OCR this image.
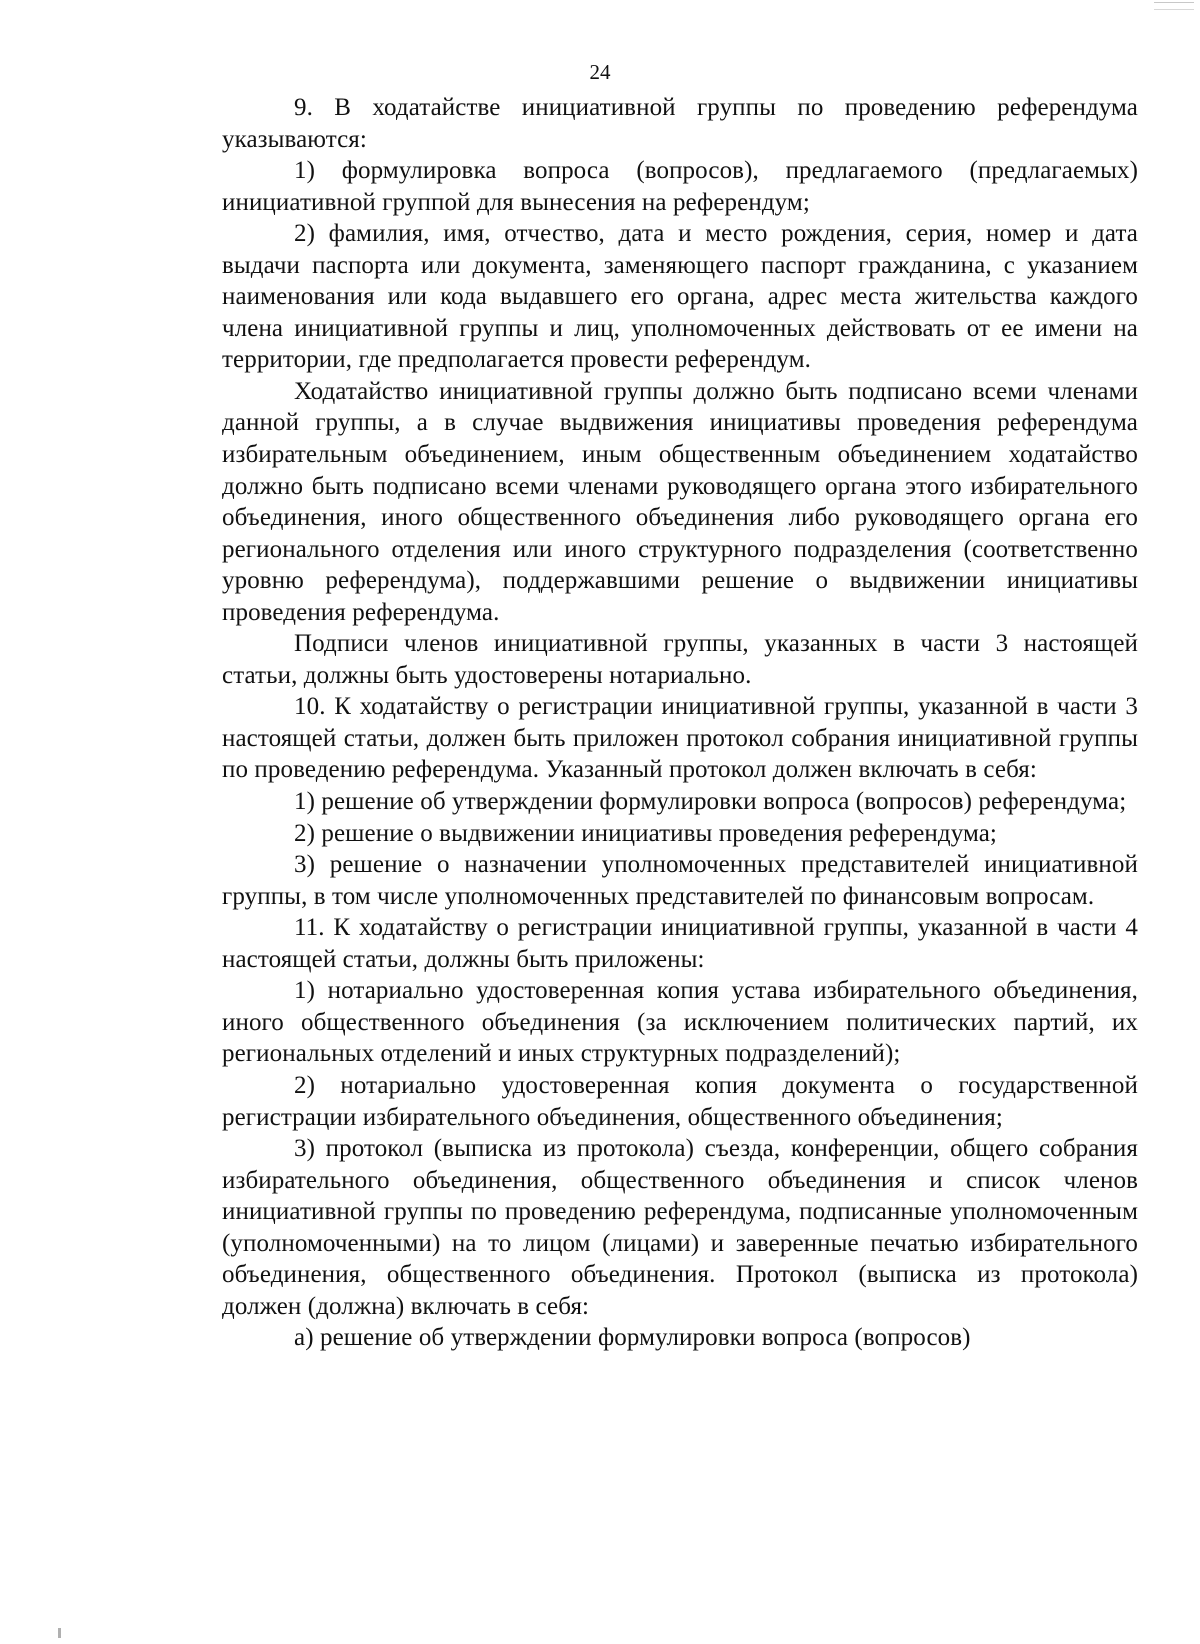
24

9. В ходатайстве инициативной группы по проведению референдума указываются:

1) формулировка вопроса (вопросов), предлагаемого (предлагаемых) инициативной группой для вынесения на референдум;

2) фамилия, имя, отчество, дата и место рождения, серия, номер и дата выдачи паспорта или документа, заменяющего паспорт гражданина, с указанием наименования или кода выдавшего его органа, адрес места жительства каждого члена инициативной группы и лиц, уполномоченных действовать от ее имени на территории, где предполагается провести референдум.

Ходатайство инициативной группы должно быть подписано всеми членами данной группы, а в случае выдвижения инициативы проведения референдума избирательным объединением, иным общественным объединением ходатайство должно быть подписано всеми членами руководящего органа этого избирательного объединения, иного общественного объединения либо руководящего органа его регионального отделения или иного структурного подразделения (соответственно уровню референдума), поддержавшими решение о выдвижении инициативы проведения референдума.

Подписи членов инициативной группы, указанных в части 3 настоящей статьи, должны быть удостоверены нотариально.

10. К ходатайству о регистрации инициативной группы, указанной в части 3 настоящей статьи, должен быть приложен протокол собрания инициативной группы по проведению референдума. Указанный протокол должен включать в себя:

1) решение об утверждении формулировки вопроса (вопросов) референдума;

2) решение о выдвижении инициативы проведения референдума;

3) решение о назначении уполномоченных представителей инициативной группы, в том числе уполномоченных представителей по финансовым вопросам.

11. К ходатайству о регистрации инициативной группы, указанной в части 4 настоящей статьи, должны быть приложены:

1) нотариально удостоверенная копия устава избирательного объединения, иного общественного объединения (за исключением политических партий, их региональных отделений и иных структурных подразделений);

2) нотариально удостоверенная копия документа о государственной регистрации избирательного объединения, общественного объединения;

3) протокол (выписка из протокола) съезда, конференции, общего собрания избирательного объединения, общественного объединения и список членов инициативной группы по проведению референдума, подписанные уполномоченным (уполномоченными) на то лицом (лицами) и заверенные печатью избирательного объединения, общественного объединения. Протокол (выписка из протокола) должен (должна) включать в себя:

а) решение об утверждении формулировки вопроса (вопросов)
